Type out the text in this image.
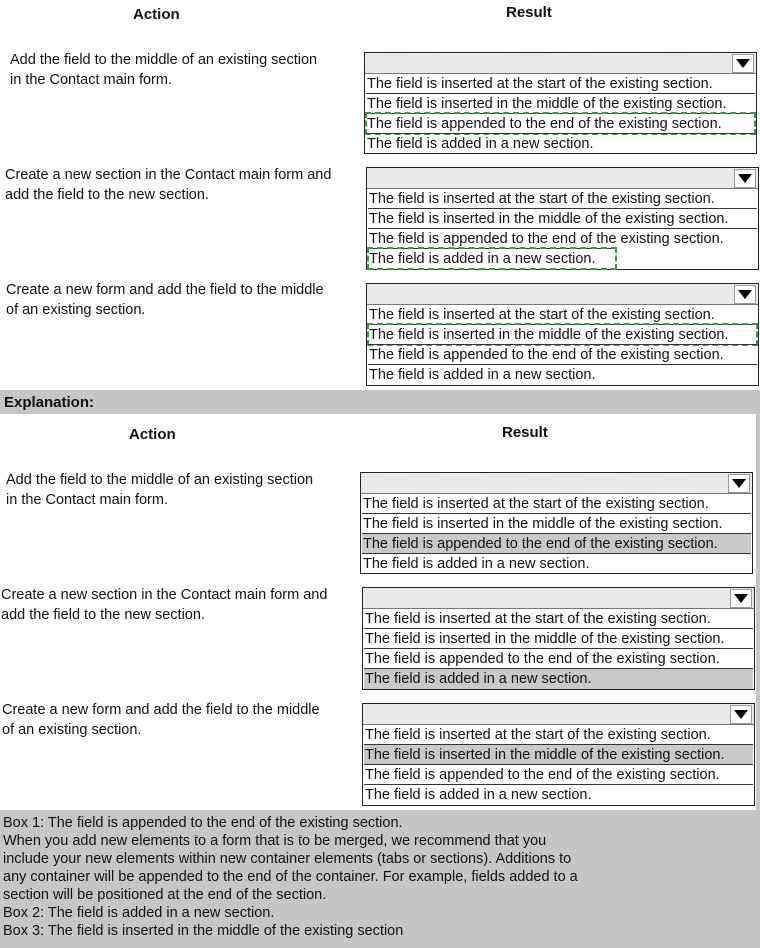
Action	Result
Add the field to the middle of an existing section
in the Contact main form.	The field is inserted at the start of the existing section.
The field is inserted in the middle of the existing section.
The field is appended to the end of the existing section.
The field is added in a new section.
Create a new section in the Contact main form and
add the field to the new section.	The field is inserted at the start of the existing section.
The field is inserted in the middle of the existing section.
The field is appended to the end of the existing section.
The field is added in a new section.
Create a new form and add the field to the middle
of an existing section.	The field is inserted at the start of the existing section.
The field is inserted in the middle of the existing section.
The field is appended to the end of the existing section.
The field is added in a new section.
Explanation:
Action	Result
Add the field to the middle of an existing section
in the Contact main form.	The field is inserted at the start of the existing section.
The field is inserted in the middle of the existing section.
The field is appended to the end of the existing section.
The field is added in a new section.
Create a new section in the Contact main form and
add the field to the new section.	The field is inserted at the start of the existing section.
The field is inserted in the middle of the existing section.
The field is appended to the end of the existing section.
The field is added in a new section.
Create a new form and add the field to the middle
of an existing section.	The field is inserted at the start of the existing section.
The field is inserted in the middle of the existing section.
The field is appended to the end of the existing section.
The field is added in a new section.
Box 1: The field is appended to the end of the existing section.
When you add new elements to a form that is to be merged, we recommend that you
include your new elements within new container elements (tabs or sections). Additions to
any container will be appended to the end of the container. For example, fields added to a
section will be positioned at the end of the section.
Box 2: The field is added in a new section.
Box 3: The field is inserted in the middle of the existing section
